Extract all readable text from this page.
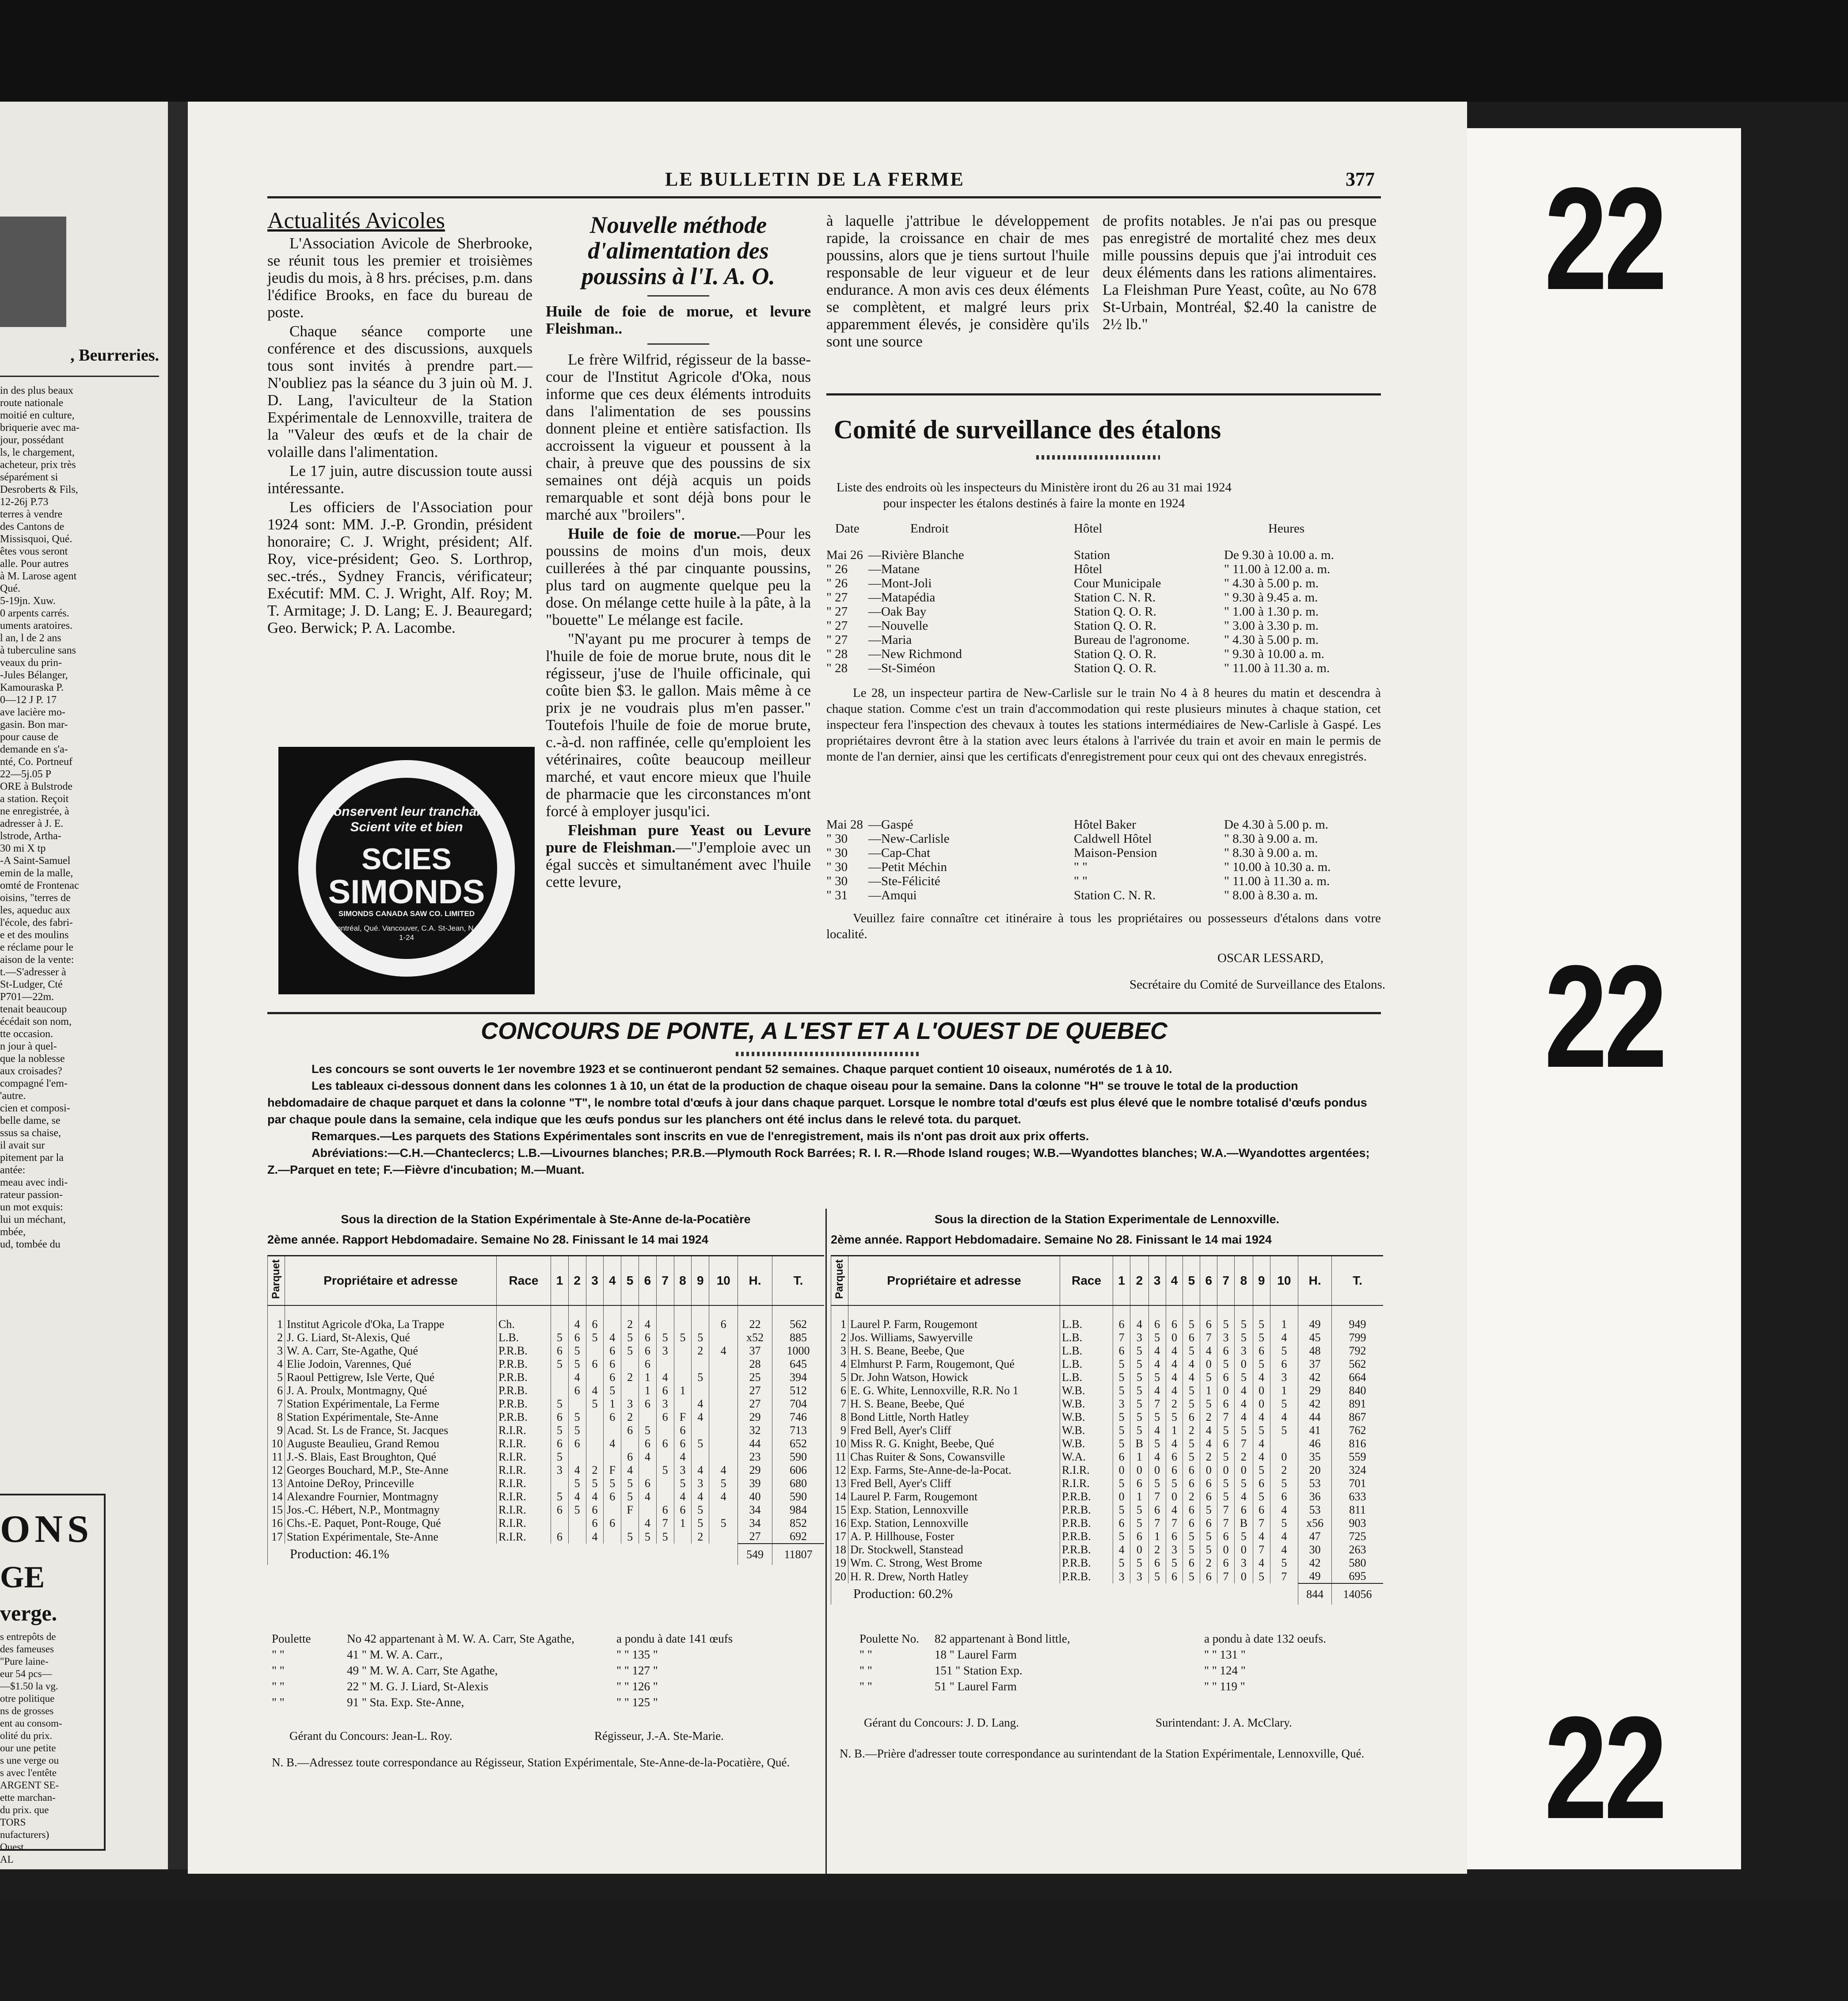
, Beurreries.

in des plus beaux

route nationale

moitié en culture,

briquerie avec ma-

jour, possédant

ls, le chargement,

acheteur, prix très

séparément si

Desroberts & Fils,

12-26j P.73

terres à vendre

des Cantons de

Missisquoi, Qué.

êtes vous seront

alle. Pour autres

à M. Larose agent

Qué.

5-19jn. Xuw.

0 arpents carrés.

uments aratoires.

l an, l de 2 ans

à tuberculine sans

veaux du prin-

-Jules Bélanger,

Kamouraska P.

0—12 J P. 17

ave lacière mo-

gasin. Bon mar-

pour cause de

demande en s'a-

nté, Co. Portneuf

22—5j.05 P

ORE à Bulstrode

a station. Reçoit

ne enregistrée, à

adresser à J. E.

lstrode, Artha-

30 mi X tp

-A Saint-Samuel

emin de la malle,

omté de Frontenac

oisins, "terres de

les, aqueduc aux

l'école, des fabri-

e et des moulins

e réclame pour le

aison de la vente:

t.—S'adresser à

St-Ludger, Cté

P701—22m.

tenait beaucoup

écédait son nom,

tte occasion.

n jour à quel-

que la noblesse

aux croisades?

compagné l'em-

'autre.

cien et composi-

belle dame, se

ssus sa chaise,

il avait sur

pitement par la

antée:

meau avec indi-

rateur passion-

un mot exquis:

lui un méchant,

mbée,

ud, tombée du

ONS
GE
verge.

s entrepôts de

des fameuses

"Pure laine-

eur 54 pcs—

—$1.50 la vg.

otre politique

ns de grosses

ent au consom-

olité du prix.

our une petite

s une verge ou

s avec l'entête

ARGENT SE-

ette marchan-

du prix. que

TORS

nufacturers)

Ouest.

AL

LE BULLETIN DE LA FERME	377
Actualités Avicoles

L'Association Avicole de Sherbrooke, se réunit tous les premier et troisièmes jeudis du mois, à 8 hrs. précises, p.m. dans l'édifice Brooks, en face du bureau de poste.

Chaque séance comporte une conférence et des discussions, auxquels tous sont invités à prendre part.—N'oubliez pas la séance du 3 juin où M. J. D. Lang, l'aviculteur de la Station Expérimentale de Lennoxville, traitera de la "Valeur des œufs et de la chair de volaille dans l'alimentation.

Le 17 juin, autre discussion toute aussi intéressante.

Les officiers de l'Association pour 1924 sont: MM. J.-P. Grondin, président honoraire; C. J. Wright, président; Alf. Roy, vice-président; Geo. S. Lorthrop, sec.-trés., Sydney Francis, vérificateur; Exécutif: MM. C. J. Wright, Alf. Roy; M. T. Armitage; J. D. Lang; E. J. Beauregard; Geo. Berwick; P. A. Lacombe.

Conservent leur tranchant
Scient vite et bien
SCIES
SIMONDS
SIMONDS CANADA SAW CO. LIMITED
Montréal, Qué. Vancouver, C.A. St-Jean, N.B.
1-24
Nouvelle méthode d'alimentation des poussins à l'I. A. O.

Huile de foie de morue, et levure Fleishman..

Le frère Wilfrid, régisseur de la basse-cour de l'Institut Agricole d'Oka, nous informe que ces deux éléments introduits dans l'alimentation de ses poussins donnent pleine et entière satisfaction. Ils accroissent la vigueur et poussent à la chair, à preuve que des poussins de six semaines ont déjà acquis un poids remarquable et sont déjà bons pour le marché aux "broilers".

Huile de foie de morue.—Pour les poussins de moins d'un mois, deux cuillerées à thé par cinquante poussins, plus tard on augmente quelque peu la dose. On mélange cette huile à la pâte, à la "bouette" Le mélange est facile.

"N'ayant pu me procurer à temps de l'huile de foie de morue brute, nous dit le régisseur, j'use de l'huile officinale, qui coûte bien $3. le gallon. Mais même à ce prix je ne voudrais plus m'en passer." Toutefois l'huile de foie de morue brute, c.-à-d. non raffinée, celle qu'emploient les vétérinaires, coûte beaucoup meilleur marché, et vaut encore mieux que l'huile de pharmacie que les circonstances m'ont forcé à employer jusqu'ici.

Fleishman pure Yeast ou Levure pure de Fleishman.—"J'emploie avec un égal succès et simultanément avec l'huile cette levure,

à laquelle j'attribue le développement rapide, la croissance en chair de mes poussins, alors que je tiens surtout l'huile responsable de leur vigueur et de leur endurance. A mon avis ces deux éléments se complètent, et malgré leurs prix apparemment élevés, je considère qu'ils sont une source

de profits notables. Je n'ai pas ou presque pas enregistré de mortalité chez mes deux mille poussins depuis que j'ai introduit ces deux éléments dans les rations alimentaires. La Fleishman Pure Yeast, coûte, au No 678 St-Urbain, Montréal, $2.40 la canistre de 2½ lb."

Comité de surveillance des étalons
Liste des endroits où les inspecteurs du Ministère iront du 26 au 31 mai 1924 pour inspecter les étalons destinés à faire la monte en 1924
Date	Endroit	Hôtel	Heures
Mai 26 —Rivière Blanche	Station	De 9.30 à 10.00 a. m.
" 26 —Matane	Hôtel	" 11.00 à 12.00 a. m.
" 26 —Mont-Joli	Cour Municipale	" 4.30 à 5.00 p. m.
" 27 —Matapédia	Station C. N. R.	" 9.30 à 9.45 a. m.
" 27 —Oak Bay	Station Q. O. R.	" 1.00 à 1.30 p. m.
" 27 —Nouvelle	Station Q. O. R.	" 3.00 à 3.30 p. m.
" 27 —Maria	Bureau de l'agronome.	" 4.30 à 5.00 p. m.
" 28 —New Richmond	Station Q. O. R.	" 9.30 à 10.00 a. m.
" 28 —St-Siméon	Station Q. O. R.	" 11.00 à 11.30 a. m.

Le 28, un inspecteur partira de New-Carlisle sur le train No 4 à 8 heures du matin et descendra à chaque station. Comme c'est un train d'accommodation qui reste plusieurs minutes à chaque station, cet inspecteur fera l'inspection des chevaux à toutes les stations intermédiaires de New-Carlisle à Gaspé. Les propriétaires devront être à la station avec leurs étalons à l'arrivée du train et avoir en main le permis de monte de l'an dernier, ainsi que les certificats d'enregistrement pour ceux qui ont des chevaux enregistrés.

Mai 28 —Gaspé	Hôtel Baker	De 4.30 à 5.00 p. m.
" 30 —New-Carlisle	Caldwell Hôtel	" 8.30 à 9.00 a. m.
" 30 —Cap-Chat	Maison-Pension	" 8.30 à 9.00 a. m.
" 30 —Petit Méchin	" "	" 10.00 à 10.30 a. m.
" 30 —Ste-Félicité	" "	" 11.00 à 11.30 a. m.
" 31 —Amqui	Station C. N. R.	" 8.00 à 8.30 a. m.

Veuillez faire connaître cet itinéraire à tous les propriétaires ou possesseurs d'étalons dans votre localité.

OSCAR LESSARD,
Secrétaire du Comité de Surveillance des Etalons.
CONCOURS DE PONTE, A L'EST ET A L'OUEST DE QUEBEC

Les concours se sont ouverts le 1er novembre 1923 et se continueront pendant 52 semaines. Chaque parquet contient 10 oiseaux, numérotés de 1 à 10.

Les tableaux ci-dessous donnent dans les colonnes 1 à 10, un état de la production de chaque oiseau pour la semaine. Dans la colonne "H" se trouve le total de la production hebdomadaire de chaque parquet et dans la colonne "T", le nombre total d'œufs à jour dans chaque parquet. Lorsque le nombre total d'œufs est plus élevé que le nombre totalisé d'œufs pondus par chaque poule dans la semaine, cela indique que les œufs pondus sur les planchers ont été inclus dans le relevé tota. du parquet.

Remarques.—Les parquets des Stations Expérimentales sont inscrits en vue de l'enregistrement, mais ils n'ont pas droit aux prix offerts.

Abréviations:—C.H.—Chanteclercs; L.B.—Livournes blanches; P.R.B.—Plymouth Rock Barrées; R. I. R.—Rhode Island rouges; W.B.—Wyandottes blanches; W.A.—Wyandottes argentées; Z.—Parquet en tete; F.—Fièvre d'incubation; M.—Muant.

Sous la direction de la Station Expérimentale à Ste-Anne de-la-Pocatière
2ème année. Rapport Hebdomadaire. Semaine No 28. Finissant le 14 mai 1924
Sous la direction de la Station Experimentale de Lennoxville.
2ème année. Rapport Hebdomadaire. Semaine No 28. Finissant le 14 mai 1924
Parquet	Propriétaire et adresse	Race	1	2	3	4	5	6	7	8	9	10	H.	T.

1	Institut Agricole d'Oka, La Trappe	Ch.		4	6		2	4				6	22	562
2	J. G. Liard, St-Alexis, Qué	L.B.	5	6	5	4	5	6	5	5	5		x52	885
3	W. A. Carr, Ste-Agathe, Qué	P.R.B.	6	5		6	5	6	3		2	4	37	1000
4	Elie Jodoin, Varennes, Qué	P.R.B.	5	5	6	6		6					28	645
5	Raoul Pettigrew, Isle Verte, Qué	P.R.B.		4		6	2	1	4		5		25	394
6	J. A. Proulx, Montmagny, Qué	P.R.B.		6	4	5		1	6	1			27	512
7	Station Expérimentale, La Ferme	P.R.B.	5		5	1	3	6	3		4		27	704
8	Station Expérimentale, Ste-Anne	P.R.B.	6	5		6	2		6	F	4		29	746
9	Acad. St. Ls de France, St. Jacques	R.I.R.	5	5			6	5		6			32	713
10	Auguste Beaulieu, Grand Remou	R.I.R.	6	6		4		6	6	6	5		44	652
11	J.-S. Blais, East Broughton, Qué	R.I.R.	5				6	4		4			23	590
12	Georges Bouchard, M.P., Ste-Anne	R.I.R.	3	4	2	F	4		5	3	4	4	29	606
13	Antoine DeRoy, Princeville	R.I.R.		5	5	5	5	6		5	3	5	39	680
14	Alexandre Fournier, Montmagny	R.I.R.	5	4	4	6	5	4		4	4	4	40	590
15	Jos.-C. Hébert, N.P., Montmagny	R.I.R.	6	5	6		F		6	6	5		34	984
16	Chs.-E. Paquet, Pont-Rouge, Qué	R.I.R.			6	6		4	7	1	5	5	34	852
17	Station Expérimentale, Ste-Anne	R.I.R.	6		4		5	5	5		2		27	692
Production: 46.1%													549	11807
Parquet	Propriétaire et adresse	Race	1	2	3	4	5	6	7	8	9	10	H.	T.

1	Laurel P. Farm, Rougemont	L.B.	6	4	6	6	5	6	5	5	5	1	49	949
2	Jos. Williams, Sawyerville	L.B.	7	3	5	0	6	7	3	5	5	4	45	799
3	H. S. Beane, Beebe, Que	L.B.	6	5	4	4	5	4	6	3	6	5	48	792
4	Elmhurst P. Farm, Rougemont, Qué	L.B.	5	5	4	4	4	0	5	0	5	6	37	562
5	Dr. John Watson, Howick	L.B.	5	5	5	4	4	5	6	5	4	3	42	664
6	E. G. White, Lennoxville, R.R. No 1	W.B.	5	5	4	4	5	1	0	4	0	1	29	840
7	H. S. Beane, Beebe, Qué	W.B.	3	5	7	2	5	5	6	4	0	5	42	891
8	Bond Little, North Hatley	W.B.	5	5	5	5	6	2	7	4	4	4	44	867
9	Fred Bell, Ayer's Cliff	W.B.	5	5	4	1	2	4	5	5	5	5	41	762
10	Miss R. G. Knight, Beebe, Qué	W.B.	5	B	5	4	5	4	6	7	4		46	816
11	Chas Ruiter & Sons, Cowansville	W.A.	6	1	4	6	5	2	5	2	4	0	35	559
12	Exp. Farms, Ste-Anne-de-la-Pocat.	R.I.R.	0	0	0	6	6	0	0	0	5	2	20	324
13	Fred Bell, Ayer's Cliff	R.I.R.	5	6	5	5	6	6	5	5	6	5	53	701
14	Laurel P. Farm, Rougemont	P.R.B.	0	1	7	0	2	6	5	4	5	6	36	633
15	Exp. Station, Lennoxville	P.R.B.	5	5	6	4	6	5	7	6	6	4	53	811
16	Exp. Station, Lennoxville	P.R.B.	6	5	7	7	6	6	7	B	7	5	x56	903
17	A. P. Hillhouse, Foster	P.R.B.	5	6	1	6	5	5	6	5	4	4	47	725
18	Dr. Stockwell, Stanstead	P.R.B.	4	0	2	3	5	5	0	0	7	4	30	263
19	Wm. C. Strong, West Brome	P.R.B.	5	5	6	5	6	2	6	3	4	5	42	580
20	H. R. Drew, North Hatley	P.R.B.	3	3	5	6	5	6	7	0	5	7	49	695
Production: 60.2%													844	14056
Poulette	No 42 appartenant à M. W. A. Carr, Ste Agathe,	a pondu à date 141 œufs
" "	41 " M. W. A. Carr.,	" " 135 "
" "	49 " M. W. A. Carr, Ste Agathe,	" " 127 "
" "	22 " M. G. J. Liard, St-Alexis	" " 126 "
" "	91 " Sta. Exp. Ste-Anne,	" " 125 "
Gérant du Concours: Jean-L. Roy.	Régisseur, J.-A. Ste-Marie.
N. B.—Adressez toute correspondance au Régisseur, Station Expérimentale, Ste-Anne-de-la-Pocatière, Qué.
Poulette No. 82 appartenant à Bond little,	a pondu à date 132 oeufs.
" "	18 " Laurel Farm	" " 131 "
" "	151 " Station Exp.	" " 124 "
" "	51 " Laurel Farm	" " 119 "
Gérant du Concours: J. D. Lang.	Surintendant: J. A. McClary.
N. B.—Prière d'adresser toute correspondance au surintendant de la Station Expérimentale, Lennoxville, Qué.
22
22
22
